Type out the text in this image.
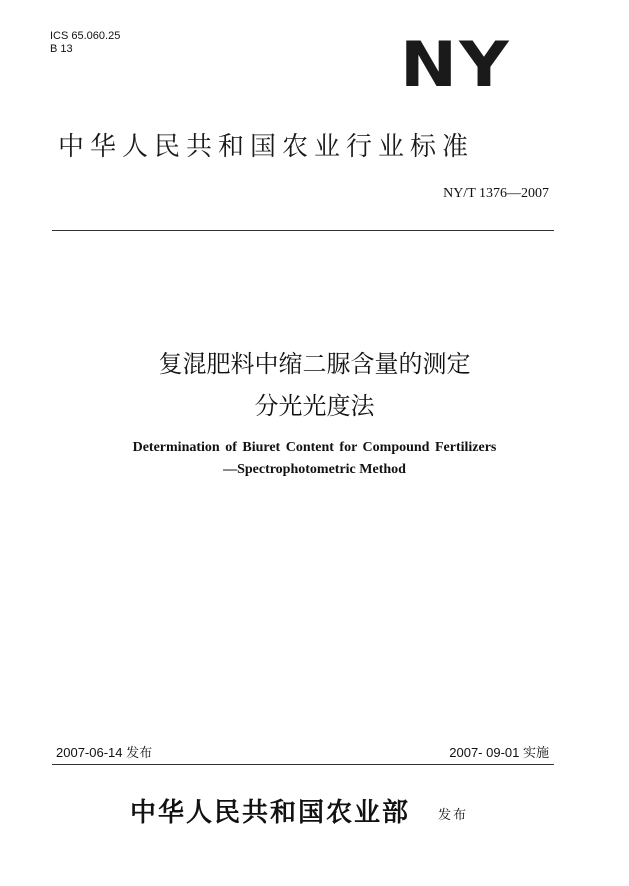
ICS 65.060.25
B 13	NY
中华人民共和国农业行业标准
NY/T 1376—2007
复混肥料中缩二脲含量的测定
分光光度法
Determination of Biuret Content for Compound Fertilizers
—Spectrophotometric Method
2007-06-14 发布	2007- 09-01 实施
中华人民共和国农业部 发布
